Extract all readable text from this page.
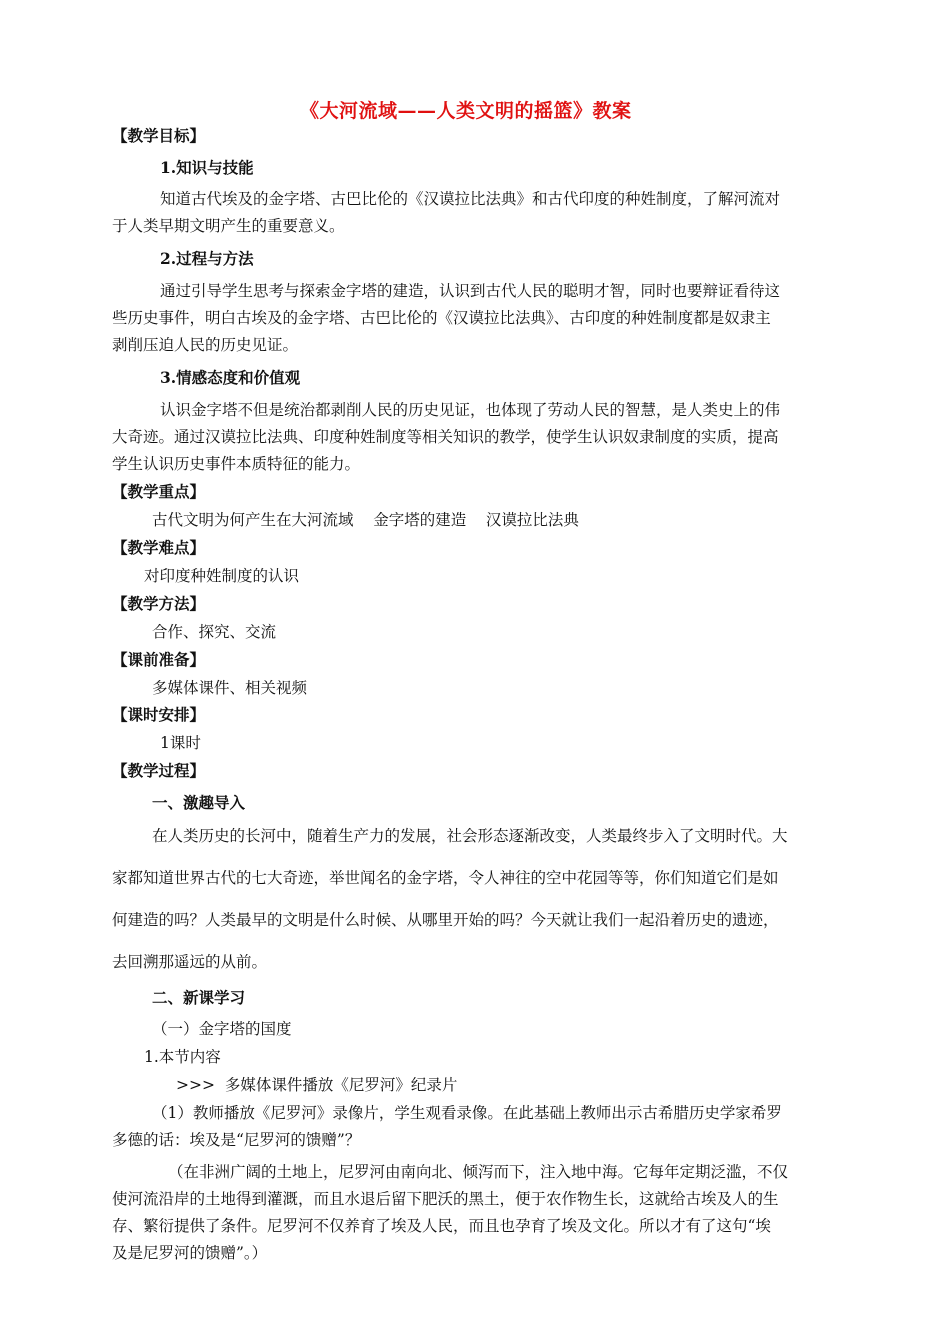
《大河流域——人类文明的摇篮》教案
【教学目标】
1.知识与技能
知道古代埃及的金字塔、古巴比伦的《汉谟拉比法典》和古代印度的种姓制度，了解河流对
于人类早期文明产生的重要意义。
2.过程与方法
通过引导学生思考与探索金字塔的建造，认识到古代人民的聪明才智，同时也要辩证看待这
些历史事件，明白古埃及的金字塔、古巴比伦的《汉谟拉比法典》、古印度的种姓制度都是奴隶主
剥削压迫人民的历史见证。
3.情感态度和价值观
认识金字塔不但是统治都剥削人民的历史见证，也体现了劳动人民的智慧，是人类史上的伟
大奇迹。通过汉谟拉比法典、印度种姓制度等相关知识的教学，使学生认识奴隶制度的实质，提高
学生认识历史事件本质特征的能力。
【教学重点】
古代文明为何产生在大河流域    金字塔的建造    汉谟拉比法典
【教学难点】
对印度种姓制度的认识
【教学方法】
合作、探究、交流
【课前准备】
多媒体课件、相关视频
【课时安排】
1课时
【教学过程】
一、激趣导入
在人类历史的长河中，随着生产力的发展，社会形态逐渐改变，人类最终步入了文明时代。大
家都知道世界古代的七大奇迹，举世闻名的金字塔，令人神往的空中花园等等，你们知道它们是如
何建造的吗？人类最早的文明是什么时候、从哪里开始的吗？今天就让我们一起沿着历史的遗迹，
去回溯那遥远的从前。
二、新课学习
（一）金字塔的国度
1.本节内容
>>>  多媒体课件播放《尼罗河》纪录片
（1）教师播放《尼罗河》录像片，学生观看录像。在此基础上教师出示古希腊历史学家希罗
多德的话：埃及是“尼罗河的馈赠”？
（在非洲广阔的土地上，尼罗河由南向北、倾泻而下，注入地中海。它每年定期泛滥，不仅
使河流沿岸的土地得到灌溉，而且水退后留下肥沃的黑土，便于农作物生长，这就给古埃及人的生
存、繁衍提供了条件。尼罗河不仅养育了埃及人民，而且也孕育了埃及文化。所以才有了这句“埃
及是尼罗河的馈赠”。）
